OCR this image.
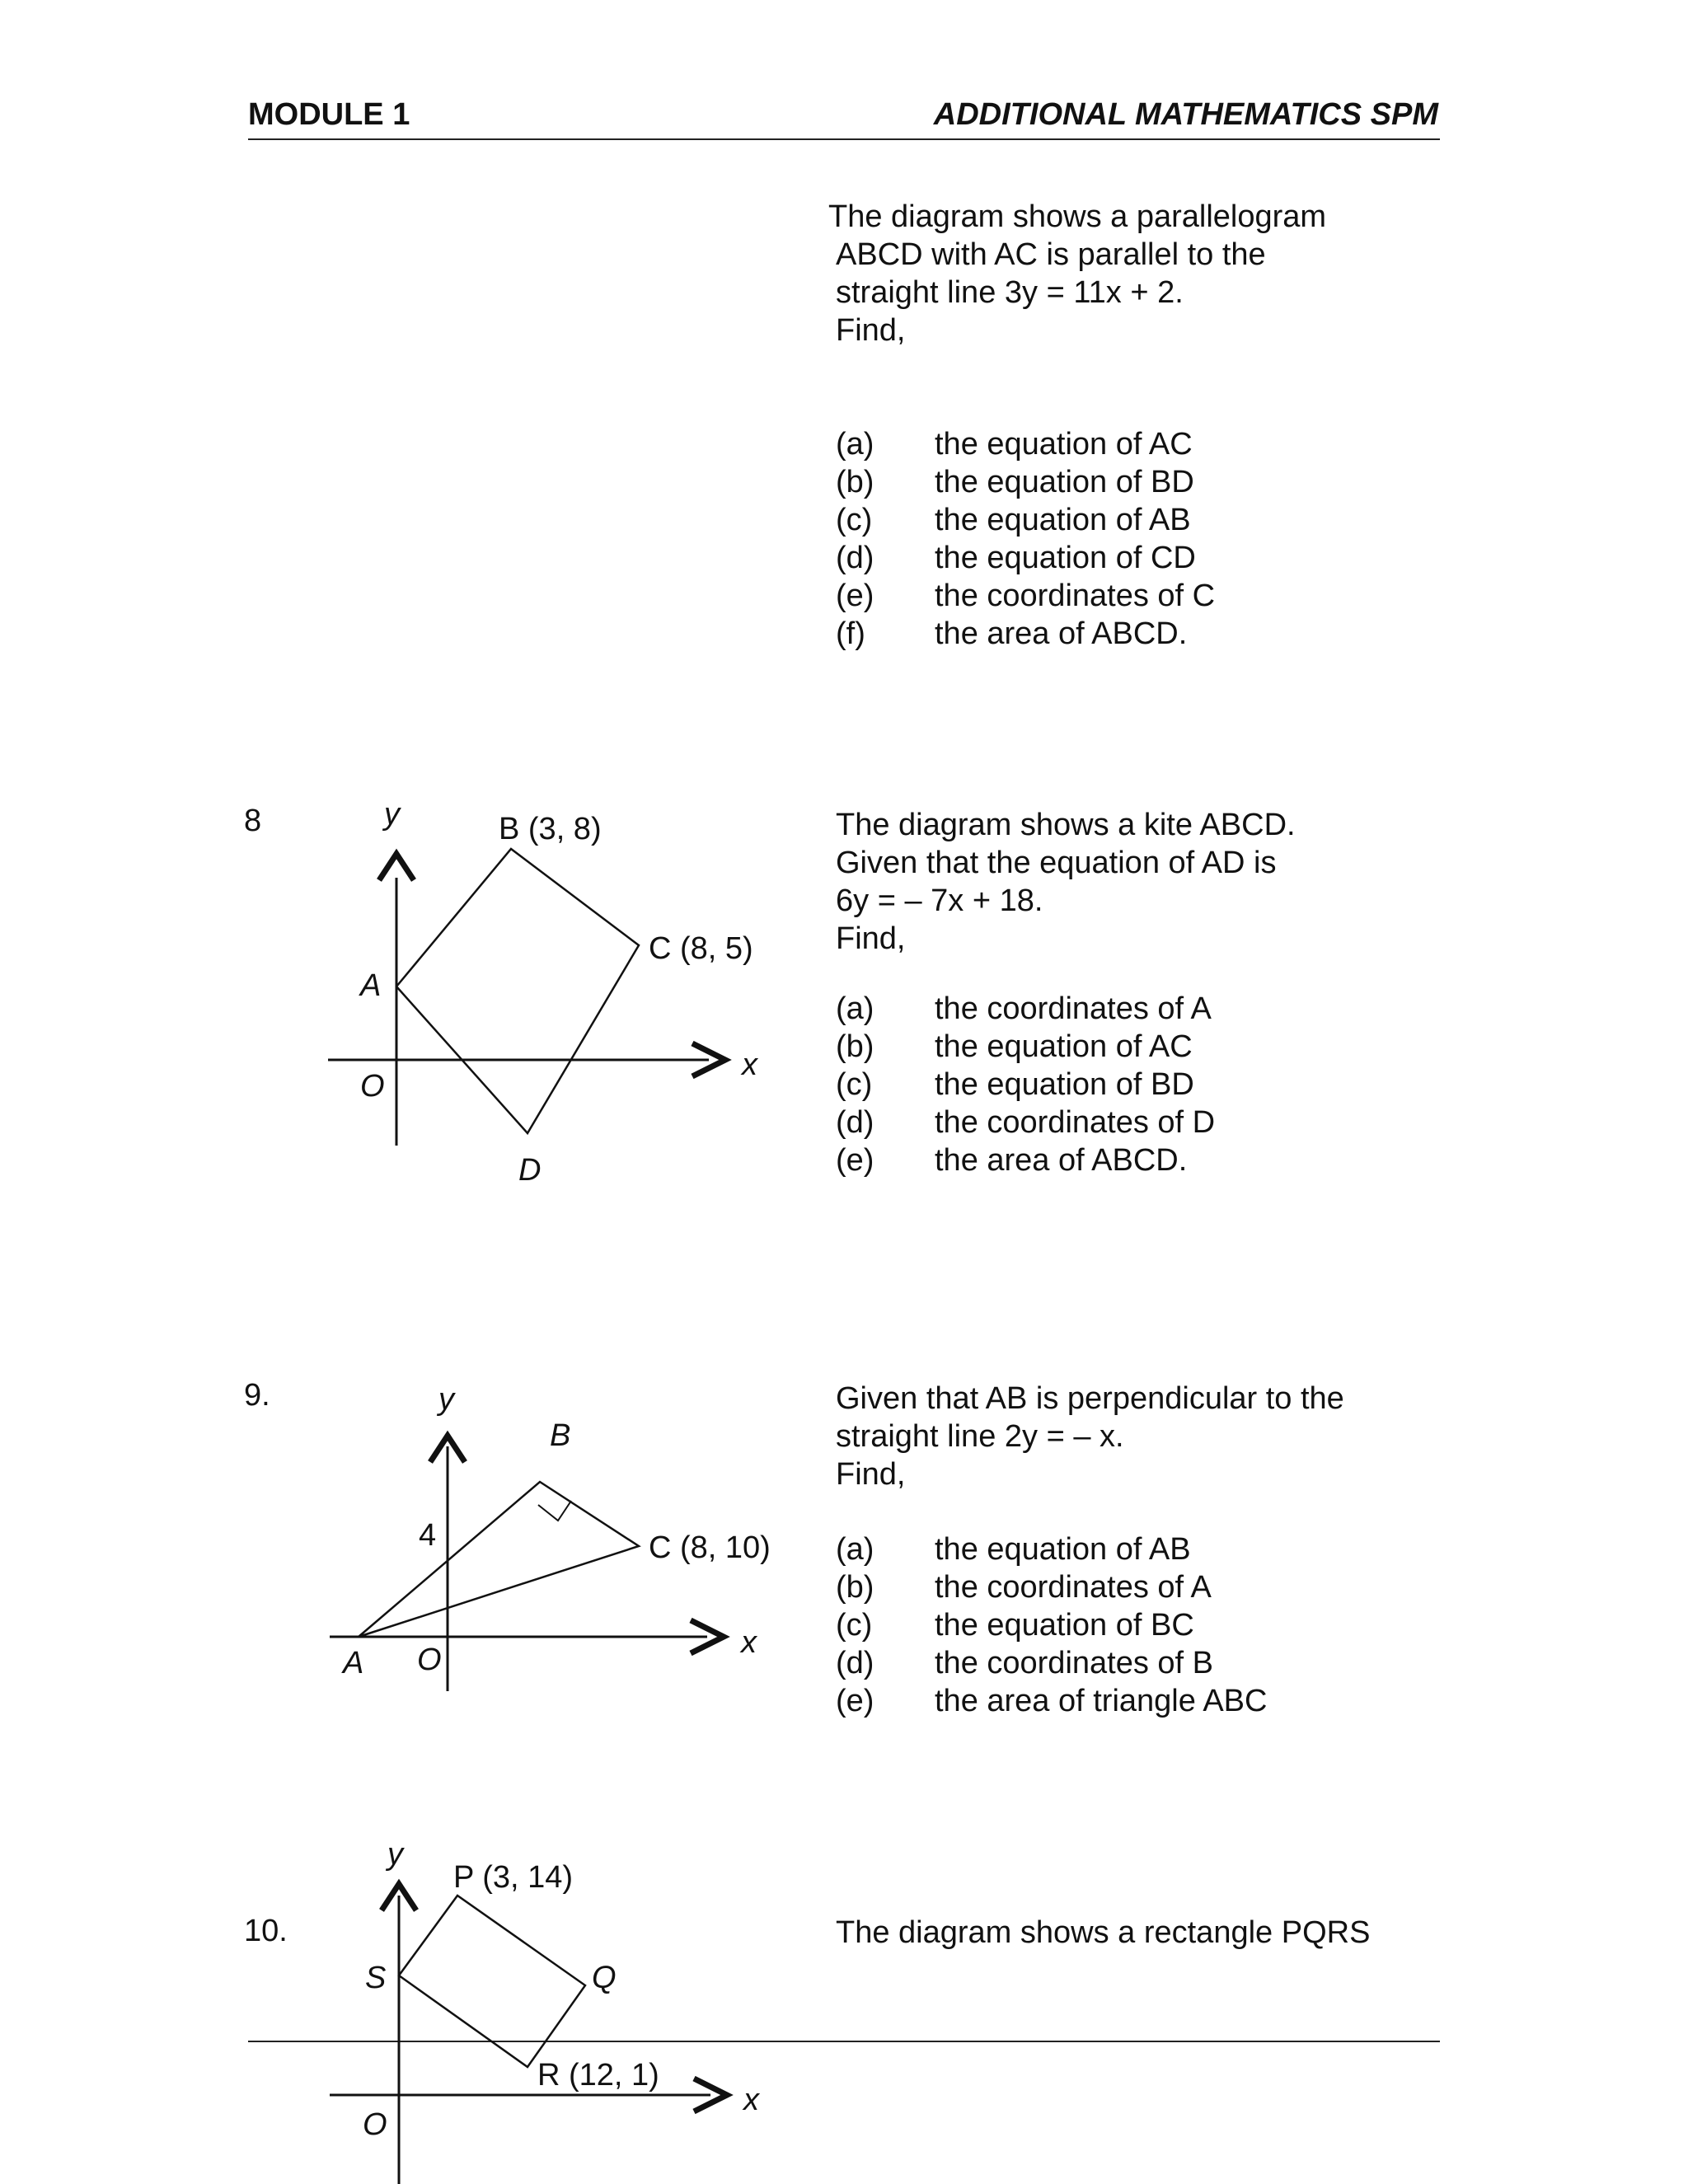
MODULE 1	ADDITIONAL MATHEMATICS SPM

The diagram shows a parallelogram

ABCD with AC is parallel to the

straight line 3y = 11x + 2.

Find,

(a)	the equation of AC
(b)	the equation of BD
(c)	the equation of AB
(d)	the equation of CD
(e)	the coordinates of C
(f)	the area of ABCD.
8	y
x
O
A
B (3, 8)
C (8, 5)
D

The diagram shows a kite ABCD.

Given that the equation of AD is

6y = – 7x + 18.

Find,

(a)	the coordinates of A
(b)	the equation of AC
(c)	the equation of BD
(d)	the coordinates of D
(e)	the area of ABCD.
9.	y
x
O
A
B
C (8, 10)
4

Given that AB is perpendicular to the

straight line 2y = – x.

Find,

(a)	the equation of AB
(b)	the coordinates of A
(c)	the equation of BC
(d)	the coordinates of B
(e)	the area of triangle ABC
10.	The diagram shows a rectangle PQRS
y
x
O
S
P (3, 14)
Q
R (12, 1)
